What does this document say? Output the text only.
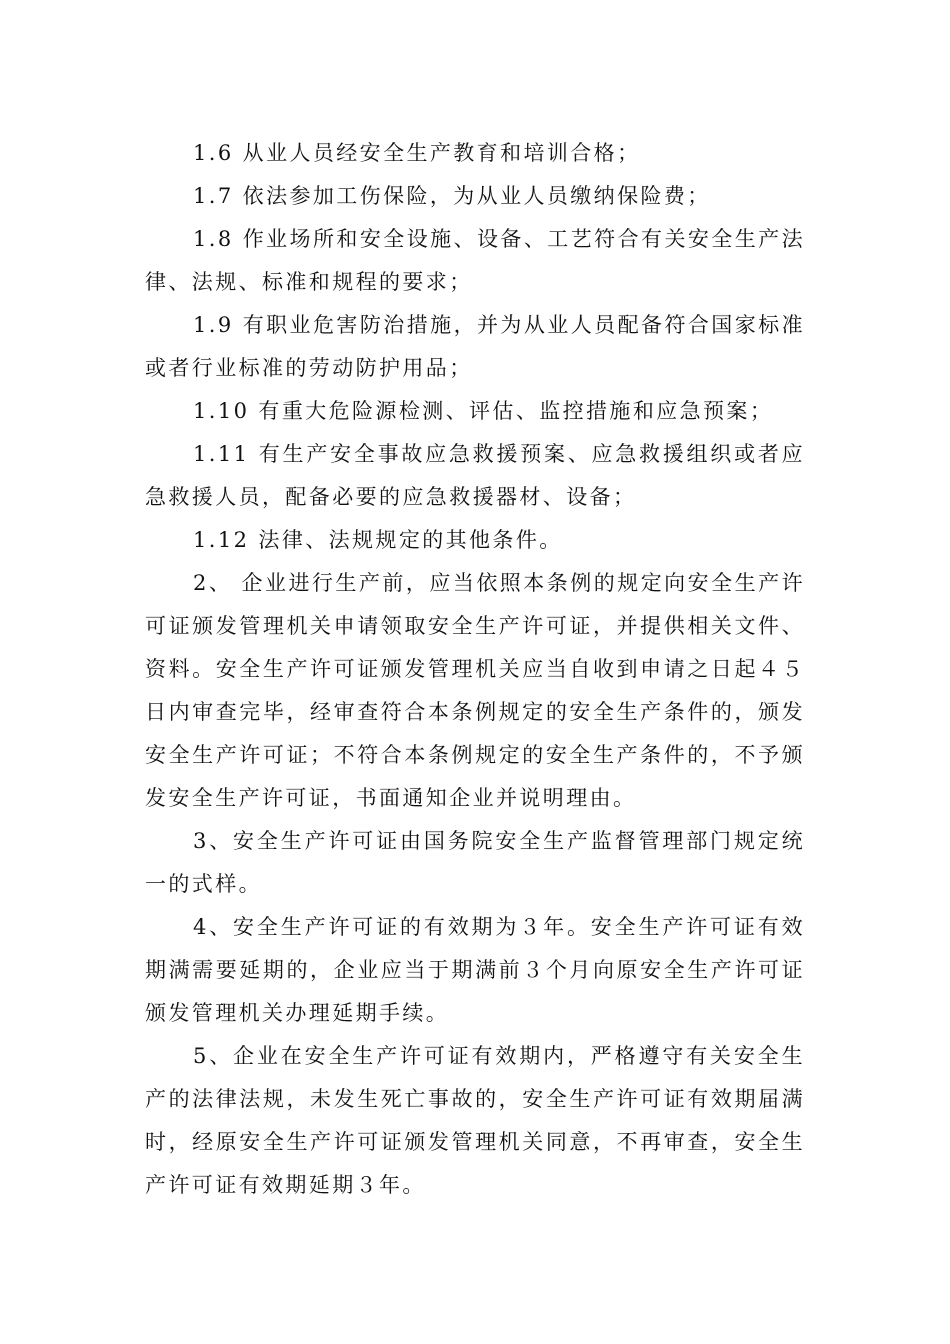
1.6 从业人员经安全生产教育和培训合格；

1.7 依法参加工伤保险，为从业人员缴纳保险费；

1.8 作业场所和安全设施、设备、工艺符合有关安全生产法律、法规、标准和规程的要求；

1.9 有职业危害防治措施，并为从业人员配备符合国家标准或者行业标准的劳动防护用品；

1.10 有重大危险源检测、评估、监控措施和应急预案；

1.11 有生产安全事故应急救援预案、应急救援组织或者应急救援人员，配备必要的应急救援器材、设备；

1.12 法律、法规规定的其他条件。

2、 企业进行生产前，应当依照本条例的规定向安全生产许可证颁发管理机关申请领取安全生产许可证，并提供相关文件、资料。安全生产许可证颁发管理机关应当自收到申请之日起４５日内审查完毕，经审查符合本条例规定的安全生产条件的，颁发安全生产许可证；不符合本条例规定的安全生产条件的，不予颁发安全生产许可证，书面通知企业并说明理由。

3、安全生产许可证由国务院安全生产监督管理部门规定统一的式样。

4、安全生产许可证的有效期为３年。安全生产许可证有效期满需要延期的，企业应当于期满前３个月向原安全生产许可证颁发管理机关办理延期手续。

5、企业在安全生产许可证有效期内，严格遵守有关安全生产的法律法规，未发生死亡事故的，安全生产许可证有效期届满时，经原安全生产许可证颁发管理机关同意，不再审查，安全生产许可证有效期延期３年。
